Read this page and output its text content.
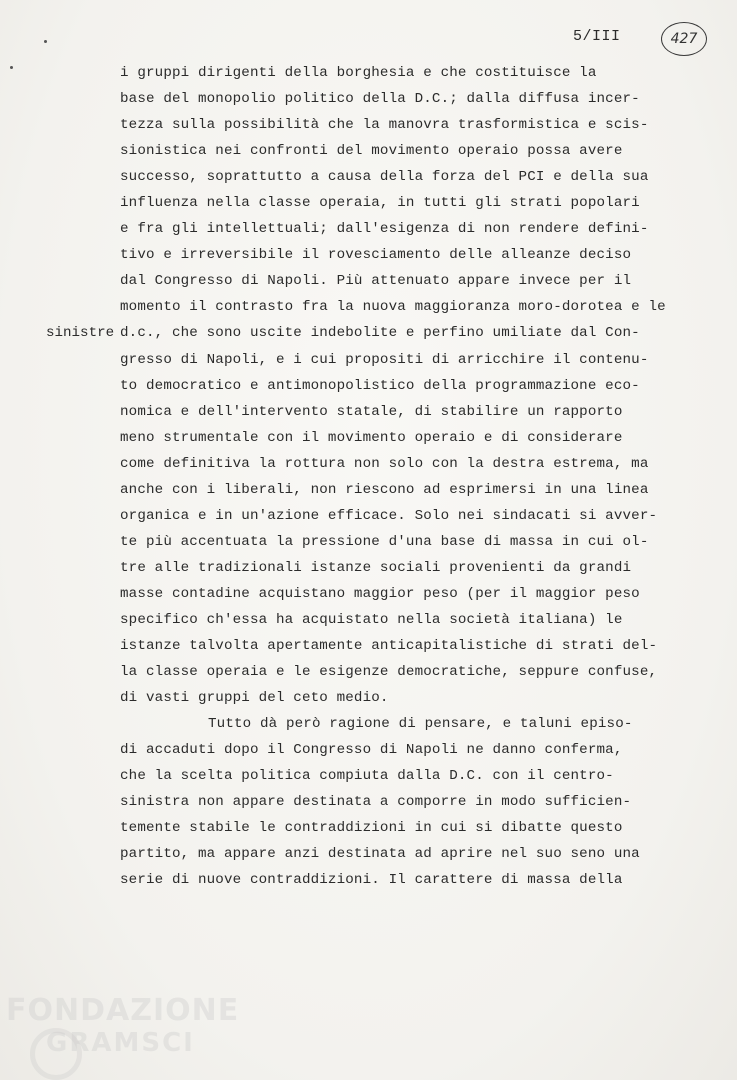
5/III	427
sinistre
i gruppi dirigenti della borghesia e che costituisce la
base del monopolio politico della D.C.; dalla diffusa incer-
tezza sulla possibilità che la manovra trasformistica e scis-
sionistica nei confronti del movimento operaio possa avere
successo, soprattutto a causa della forza del PCI e della sua
influenza nella classe operaia, in tutti gli strati popolari
e fra gli intellettuali; dall'esigenza di non rendere defini-
tivo e irreversibile il rovesciamento delle alleanze deciso
dal Congresso di Napoli. Più attenuato appare invece per il
momento il contrasto fra la nuova maggioranza moro-dorotea e le
d.c., che sono uscite indebolite e perfino umiliate dal Con-
gresso di Napoli, e i cui propositi di arricchire il contenu-
to democratico e antimonopolistico della programmazione eco-
nomica e dell'intervento statale, di stabilire un rapporto
meno strumentale con il movimento operaio e di considerare
come definitiva la rottura non solo con la destra estrema, ma
anche con i liberali, non riescono ad esprimersi in una linea
organica e in un'azione efficace. Solo nei sindacati si avver-
te più accentuata la pressione d'una base di massa in cui ol-
tre alle tradizionali istanze sociali provenienti da grandi
masse contadine acquistano maggior peso (per il maggior peso
specifico ch'essa ha acquistato nella società italiana) le
istanze talvolta apertamente anticapitalistiche di strati del-
la classe operaia e le esigenze democratiche, seppure confuse,
di vasti gruppi del ceto medio.
Tutto dà però ragione di pensare, e taluni episo-
di accaduti dopo il Congresso di Napoli ne danno conferma,
che la scelta politica compiuta dalla D.C. con il centro-
sinistra non appare destinata a comporre in modo sufficien-
temente stabile le contraddizioni in cui si dibatte questo
partito, ma appare anzi destinata ad aprire nel suo seno una
serie di nuove contraddizioni. Il carattere di massa della
FONDAZIONE
GRAMSCI
